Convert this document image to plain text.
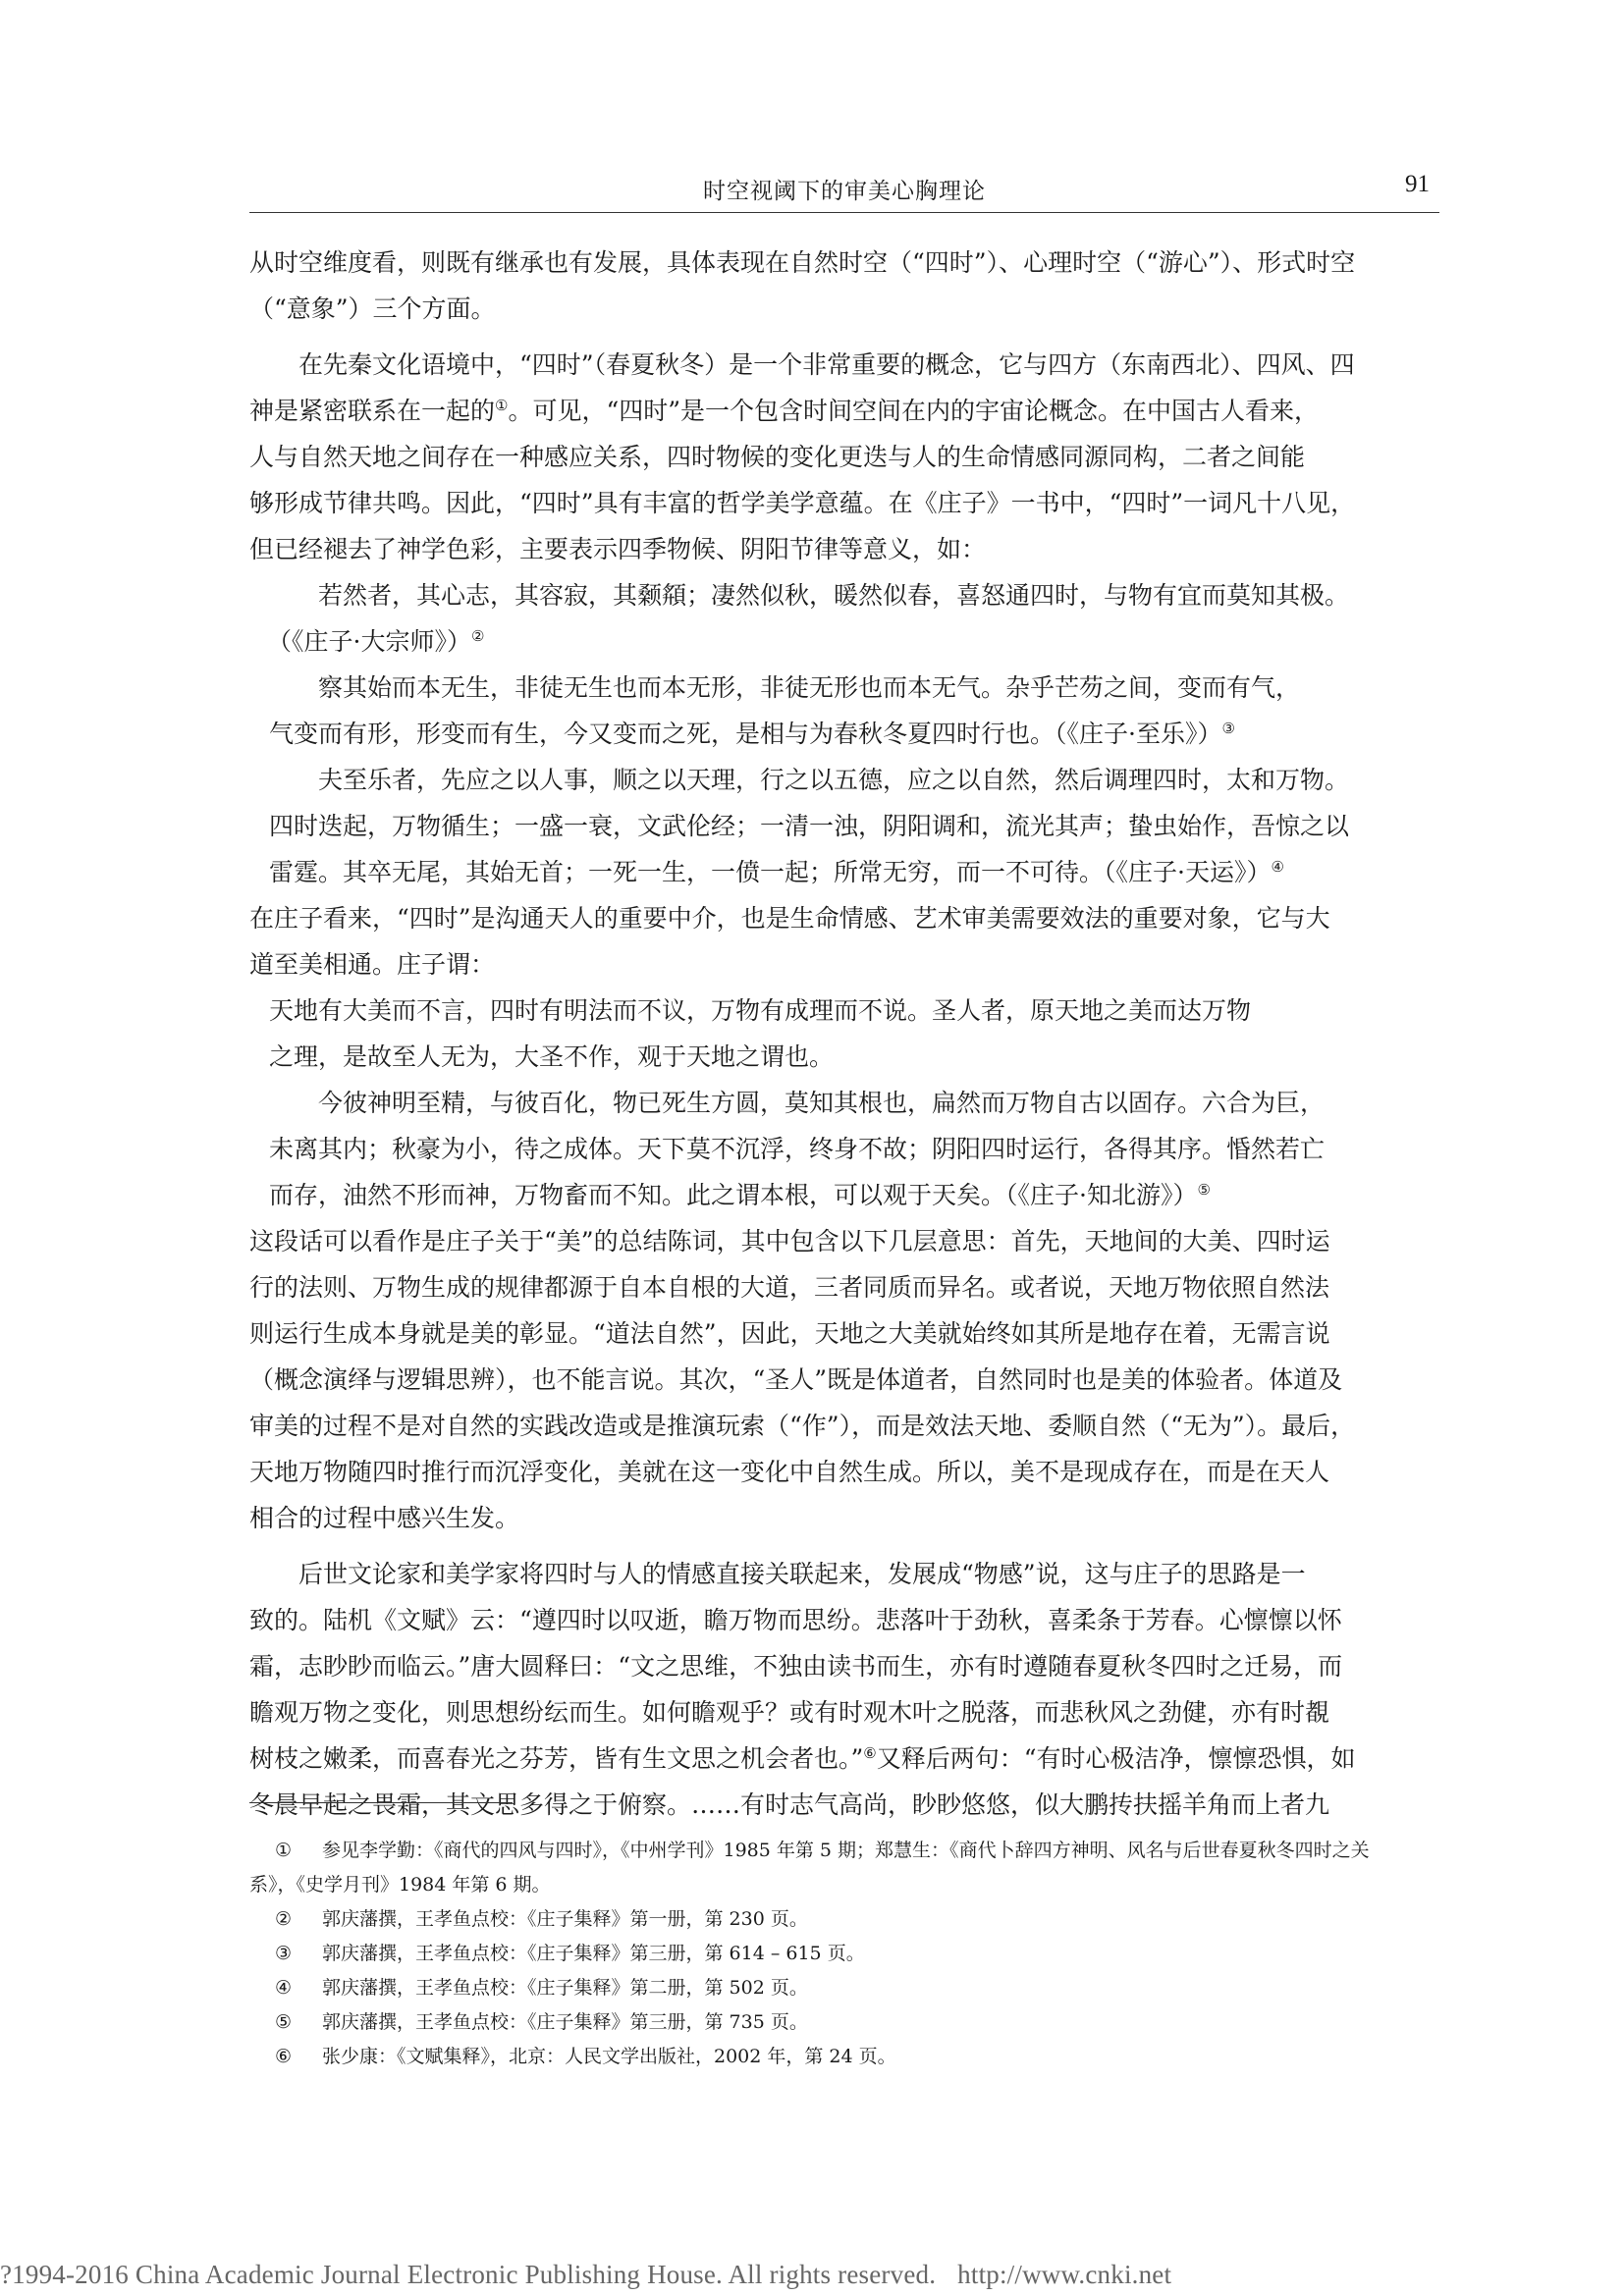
时空视阈下的审美心胸理论	91

从时空维度看，则既有继承也有发展，具体表现在自然时空（“四时”）、心理时空（“游心”）、形式时空
（“意象”）三个方面。

在先秦文化语境中，“四时”（春夏秋冬）是一个非常重要的概念，它与四方（东南西北）、四风、四
神是紧密联系在一起的①。可见，“四时”是一个包含时间空间在内的宇宙论概念。在中国古人看来，
人与自然天地之间存在一种感应关系，四时物候的变化更迭与人的生命情感同源同构，二者之间能
够形成节律共鸣。因此，“四时”具有丰富的哲学美学意蕴。在《庄子》一书中，“四时”一词凡十八见，
但已经褪去了神学色彩，主要表示四季物候、阴阳节律等意义，如：

若然者，其心志，其容寂，其颡頯；凄然似秋，暖然似春，喜怒通四时，与物有宜而莫知其极。
（《庄子·大宗师》）②
察其始而本无生，非徒无生也而本无形，非徒无形也而本无气。杂乎芒芴之间，变而有气，
气变而有形，形变而有生，今又变而之死，是相与为春秋冬夏四时行也。（《庄子·至乐》）③
夫至乐者，先应之以人事，顺之以天理，行之以五德，应之以自然，然后调理四时，太和万物。
四时迭起，万物循生；一盛一衰，文武伦经；一清一浊，阴阳调和，流光其声；蛰虫始作，吾惊之以
雷霆。其卒无尾，其始无首；一死一生，一偾一起；所常无穷，而一不可待。（《庄子·天运》）④

在庄子看来，“四时”是沟通天人的重要中介，也是生命情感、艺术审美需要效法的重要对象，它与大
道至美相通。庄子谓：

天地有大美而不言，四时有明法而不议，万物有成理而不说。圣人者，原天地之美而达万物
之理，是故至人无为，大圣不作，观于天地之谓也。
今彼神明至精，与彼百化，物已死生方圆，莫知其根也，扁然而万物自古以固存。六合为巨，
未离其内；秋豪为小，待之成体。天下莫不沉浮，终身不故；阴阳四时运行，各得其序。惛然若亡
而存，油然不形而神，万物畜而不知。此之谓本根，可以观于天矣。（《庄子·知北游》）⑤

这段话可以看作是庄子关于“美”的总结陈词，其中包含以下几层意思：首先，天地间的大美、四时运
行的法则、万物生成的规律都源于自本自根的大道，三者同质而异名。或者说，天地万物依照自然法
则运行生成本身就是美的彰显。“道法自然”，因此，天地之大美就始终如其所是地存在着，无需言说
（概念演绎与逻辑思辨），也不能言说。其次，“圣人”既是体道者，自然同时也是美的体验者。体道及
审美的过程不是对自然的实践改造或是推演玩索（“作”），而是效法天地、委顺自然（“无为”）。最后，
天地万物随四时推行而沉浮变化，美就在这一变化中自然生成。所以，美不是现成存在，而是在天人
相合的过程中感兴生发。

后世文论家和美学家将四时与人的情感直接关联起来，发展成“物感”说，这与庄子的思路是一
致的。陆机《文赋》云：“遵四时以叹逝，瞻万物而思纷。悲落叶于劲秋，喜柔条于芳春。心懔懔以怀
霜，志眇眇而临云。”唐大圆释曰：“文之思维，不独由读书而生，亦有时遵随春夏秋冬四时之迁易，而
瞻观万物之变化，则思想纷纭而生。如何瞻观乎？或有时观木叶之脱落，而悲秋风之劲健，亦有时覩
树枝之嫩柔，而喜春光之芬芳，皆有生文思之机会者也。”⑥又释后两句：“有时心极洁净，懔懔恐惧，如
冬晨早起之畏霜，其文思多得之于俯察。……有时志气高尚，眇眇悠悠，似大鹏抟扶摇羊角而上者九

① 参见李学勤：《商代的四风与四时》，《中州学刊》1985 年第 5 期；郑慧生：《商代卜辞四方神明、风名与后世春夏秋冬四时之关

系》，《史学月刊》1984 年第 6 期。

② 郭庆藩撰，王孝鱼点校：《庄子集释》第一册，第 230 页。

③ 郭庆藩撰，王孝鱼点校：《庄子集释》第三册，第 614 – 615 页。

④ 郭庆藩撰，王孝鱼点校：《庄子集释》第二册，第 502 页。

⑤ 郭庆藩撰，王孝鱼点校：《庄子集释》第三册，第 735 页。

⑥ 张少康：《文赋集释》，北京：人民文学出版社，2002 年，第 24 页。

?1994-2016 China Academic Journal Electronic Publishing House. All rights reserved. http://www.cnki.net
